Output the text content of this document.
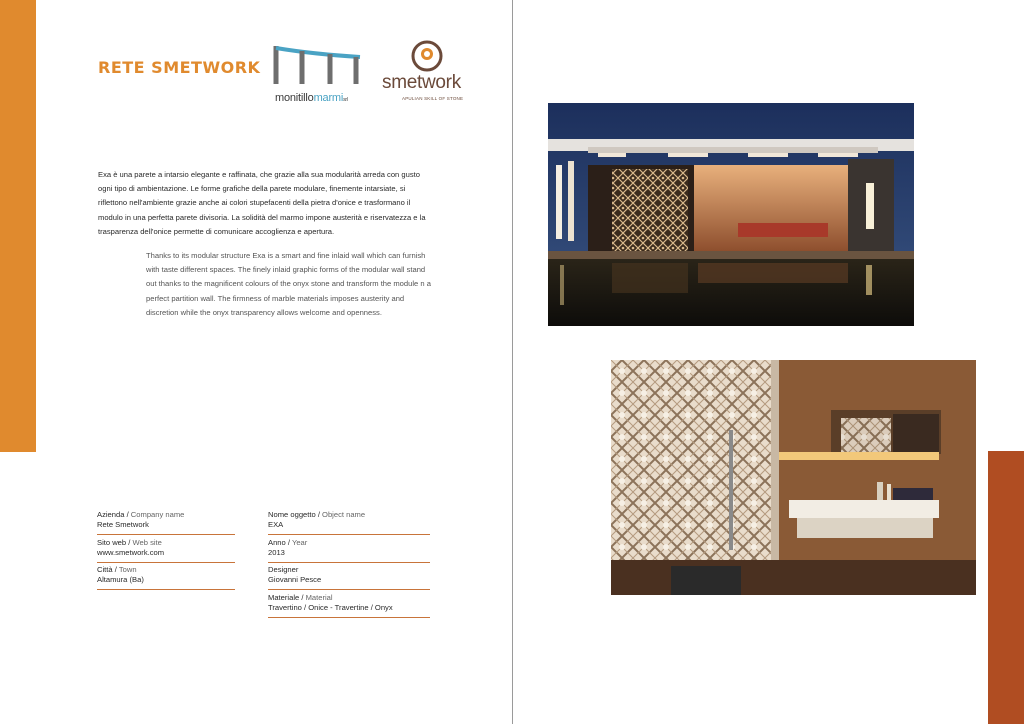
RETE SMETWORK
monitillomarmisrl
smetwork
APULIAN SKILL OF STONE

Exa è una parete a intarsio elegante e raffinata, che grazie alla sua modularità arreda con gusto ogni tipo di ambientazione. Le forme grafiche della parete modulare, finemente intarsiate, si riflettono nell'ambiente grazie anche ai colori stupefacenti della pietra d'onice e trasformano il modulo in una perfetta parete divisoria. La solidità del marmo impone austerità e riservatezza e la trasparenza dell'onice permette di comunicare accoglienza e apertura.

Thanks to its modular structure Exa is a smart and fine inlaid wall which can furnish with taste different spaces. The finely inlaid graphic forms of the modular wall stand out thanks to the magnificent colours of the onyx stone and transform the module n a perfect partition wall. The firmness of marble materials imposes austerity and discretion while the onyx transparency allows welcome and openness.

Azienda / Company name
Rete Smetwork
Sito web / Web site
www.smetwork.com
Città / Town
Altamura (Ba)
Nome oggetto / Object name
EXA
Anno / Year
2013
Designer
Giovanni Pesce
Materiale / Material
Travertino / Onice - Travertine / Onyx
